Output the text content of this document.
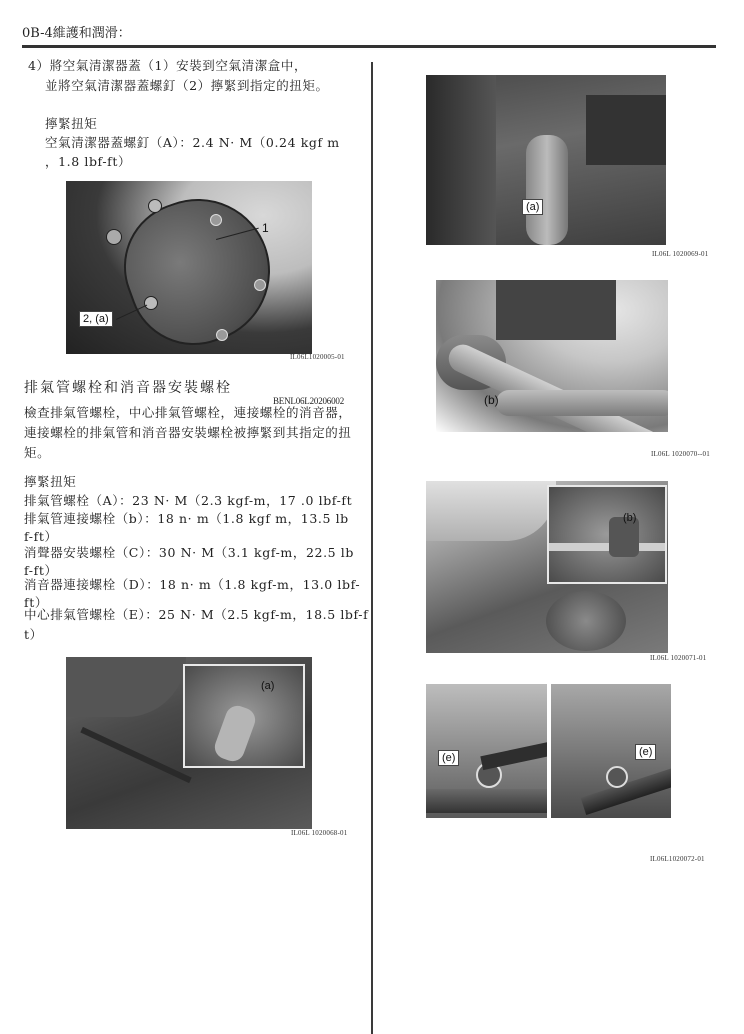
0B-4維護和潤滑：
4）將空氣清潔器蓋（1）安裝到空氣清潔盒中，
並將空氣清潔器蓋螺釘（2）擰緊到指定的扭矩。
擰緊扭矩
空氣清潔器蓋螺釘（A）：2.4 N· M（0.24 kgf m
，1.8 lbf-ft）
1
2, (a)
IL06L1020005-01
排氣管螺栓和消音器安裝螺栓
BENL06L20206002
檢查排氣管螺栓，中心排氣管螺栓，連接螺栓的消音器，
連接螺栓的排氣管和消音器安裝螺栓被擰緊到其指定的扭
矩。
擰緊扭矩
排氣管螺栓（A）：23 N· M（2.3 kgf-m，17 .0 lbf-ft
排氣管連接螺栓（b）：18 n· m（1.8 kgf m，13.5 lb
f-ft）
消聲器安裝螺栓（C）：30 N· M（3.1 kgf-m，22.5 lb
f-ft）
消音器連接螺栓（D）：18 n· m（1.8 kgf-m，13.0 lbf-
ft）
中心排氣管螺栓（E）：25 N· M（2.5 kgf-m，18.5 lbf-f
t）
(a)
IL06L 1020068-01
(a)
IL06L 1020069-01
(b)
IL06L 1020070--01
(b)
IL06L 1020071-01
(e)	(e)
IL06L1020072-01
